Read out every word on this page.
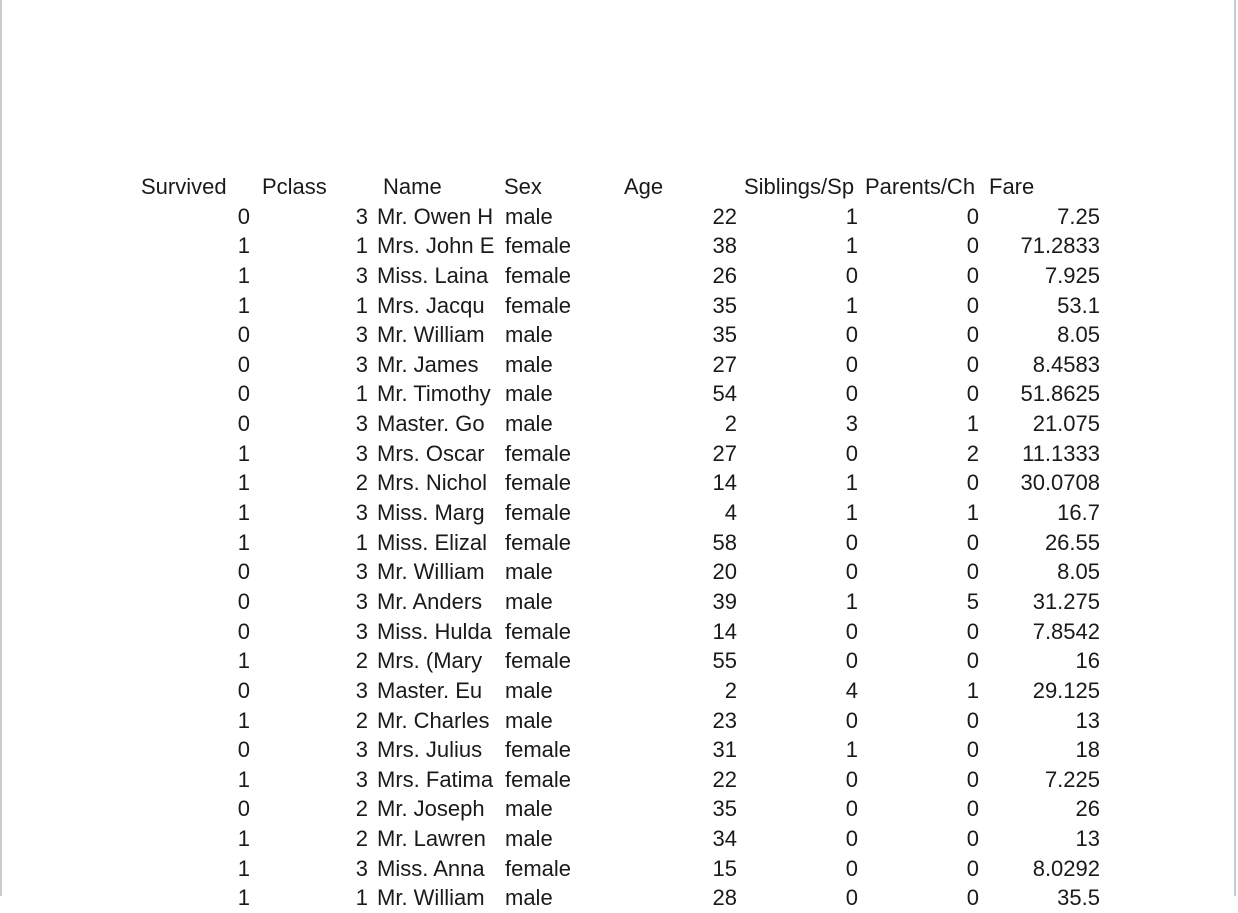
Survived	Pclass	Name	Sex	Age	Siblings/Sp Parents/Ch Fare
0	3 Mr. Owen H male	22	1	0	7.25
1	1 Mrs. John E female	38	1	0	71.2833
1	3 Miss. Laina female	26	0	0	7.925
1	1 Mrs. Jacqu female	35	1	0	53.1
0	3 Mr. William male	35	0	0	8.05
0	3 Mr. James	male	27	0	0	8.4583
0	1 Mr. Timothy male	54	0	0	51.8625
0	3 Master. Go male	2	3	1	21.075
1	3 Mrs. Oscar female	27	0	2	11.1333
1	2 Mrs. Nichol female	14	1	0	30.0708
1	3 Miss. Marg female	4	1	1	16.7
1	1 Miss. Elizal female	58	0	0	26.55
0	3 Mr. William male	20	0	0	8.05
0	3 Mr. Anders	male	39	1	5	31.275
0	3 Miss. Hulda female	14	0	0	7.8542
1	2 Mrs. (Mary	female	55	0	0	16
0	3 Master. Eu	male	2	4	1	29.125
1	2 Mr. Charles male	23	0	0	13
0	3 Mrs. Julius	female	31	1	0	18
1	3 Mrs. Fatima female	22	0	0	7.225
0	2 Mr. Joseph male	35	0	0	26
1	2 Mr. Lawren male	34	0	0	13
1	3 Miss. Anna female	15	0	0	8.0292
1	1 Mr. William male	28	0	0	35.5
